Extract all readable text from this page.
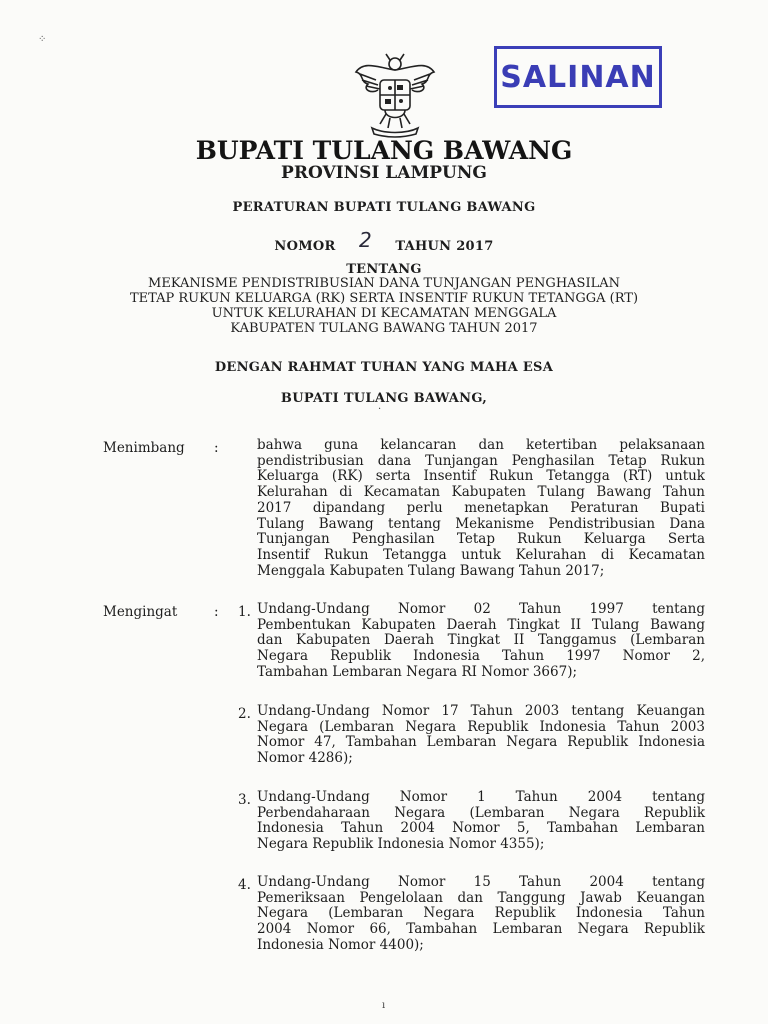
SALINAN
BUPATI TULANG BAWANG
PROVINSI LAMPUNG
PERATURAN BUPATI TULANG BAWANG
NOMOR 2 TAHUN 2017
TENTANG
MEKANISME PENDISTRIBUSIAN DANA TUNJANGAN PENGHASILAN
TETAP RUKUN KELUARGA (RK) SERTA INSENTIF RUKUN TETANGGA (RT)
UNTUK KELURAHAN DI KECAMATAN MENGGALA
KABUPATEN TULANG BAWANG TAHUN 2017
DENGAN RAHMAT TUHAN YANG MAHA ESA
BUPATI TULANG BAWANG,
Menimbang :	bahwa guna kelancaran dan ketertiban pelaksanaan
pendistribusian dana Tunjangan Penghasilan Tetap Rukun
Keluarga (RK) serta Insentif Rukun Tetangga (RT) untuk
Kelurahan di Kecamatan Kabupaten Tulang Bawang Tahun
2017 dipandang perlu menetapkan Peraturan Bupati
Tulang Bawang tentang Mekanisme Pendistribusian Dana
Tunjangan Penghasilan Tetap Rukun Keluarga Serta
Insentif Rukun Tetangga untuk Kelurahan di Kecamatan
Menggala Kabupaten Tulang Bawang Tahun 2017;
Mengingat	: 1. Undang-Undang Nomor 02 Tahun 1997 tentang
Pembentukan Kabupaten Daerah Tingkat II Tulang Bawang
dan Kabupaten Daerah Tingkat II Tanggamus (Lembaran
Negara Republik Indonesia Tahun 1997 Nomor 2,
Tambahan Lembaran Negara RI Nomor 3667);
2. Undang-Undang Nomor 17 Tahun 2003 tentang Keuangan
Negara (Lembaran Negara Republik Indonesia Tahun 2003
Nomor 47, Tambahan Lembaran Negara Republik Indonesia
Nomor 4286);
3. Undang-Undang Nomor 1 Tahun 2004 tentang
Perbendaharaan Negara (Lembaran Negara Republik
Indonesia Tahun 2004 Nomor 5, Tambahan Lembaran
Negara Republik Indonesia Nomor 4355);
4. Undang-Undang Nomor 15 Tahun 2004 tentang
Pemeriksaan Pengelolaan dan Tanggung Jawab Keuangan
Negara (Lembaran Negara Republik Indonesia Tahun
2004 Nomor 66, Tambahan Lembaran Negara Republik
Indonesia Nomor 4400);
·
ı
⁘
